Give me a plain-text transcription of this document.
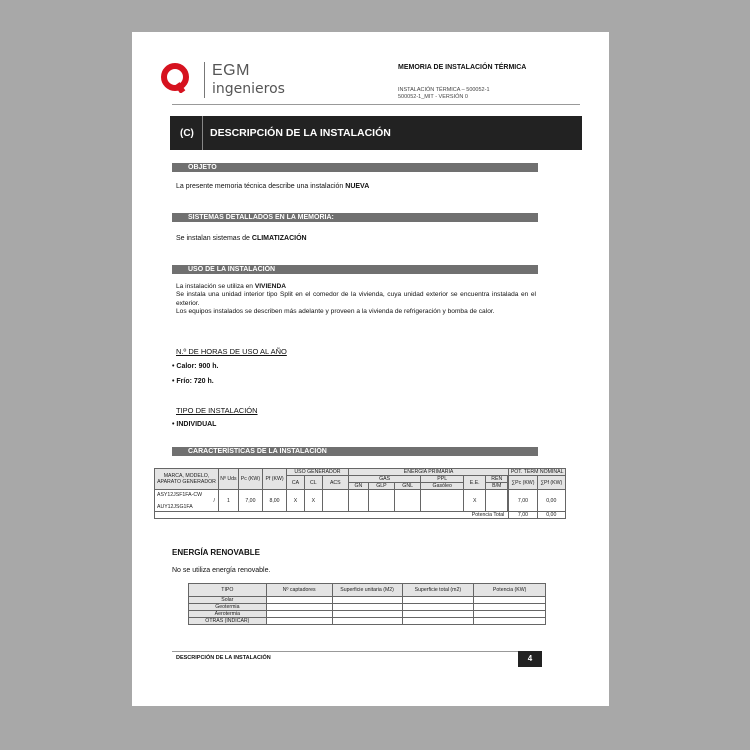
EGM
ingenieros
MEMORIA DE INSTALACIÓN TÉRMICA
INSTALACIÓN TÉRMICA – 500052-1
500052-1_MIT - VERSIÓN 0
(C) DESCRIPCIÓN DE LA INSTALACIÓN
OBJETO
La presente memoria técnica describe una instalación NUEVA
SISTEMAS DETALLADOS EN LA MEMORIA:
Se instalan sistemas de CLIMATIZACIÓN
USO DE LA INSTALACIÓN
La instalación se utiliza en VIVIENDA
Se instala una unidad interior tipo Split en el comedor de la vivienda, cuya unidad exterior se encuentra instalada en el exterior.
Los equipos instalados se describen más adelante y proveen a la vivienda de refrigeración y bomba de calor.
N.º DE HORAS DE USO AL AÑO
• Calor: 900 h.
• Frío: 720 h.
TIPO DE INSTALACIÓN
• INDIVIDUAL
CARACTERÍSTICAS DE LA INSTALACIÓN
MARCA, MODELO, APARATO GENERADOR	Nº Uds	Pc (KW)	Pf (KW)	USO GENERADOR			ENERGÍA PRIMARIA						POT. TERM NOMINAL	
				CA	CL	ACS	GAS			PPL	E.E.	REN		∑Pc (KW)	∑Pf (KW)
							GN	GLP	GNL	Gasóleo		B/M		

ASY12JSF1FA-CW
/
AUY12JSG1FA	1	7,00	8,00	X	X						X			7,00	0,00
Potencia Total													7,00	0,00
ENERGÍA RENOVABLE
No se utiliza energía renovable.
TIPO	Nº captadores	Superficie unitaria (M2)	Superficie total (m2)	Potencia (KW)
Solar				
Geotermia				
Aerotermia				
OTRAS (INDICAR)				
DESCRIPCIÓN DE LA INSTALACIÓN	4
